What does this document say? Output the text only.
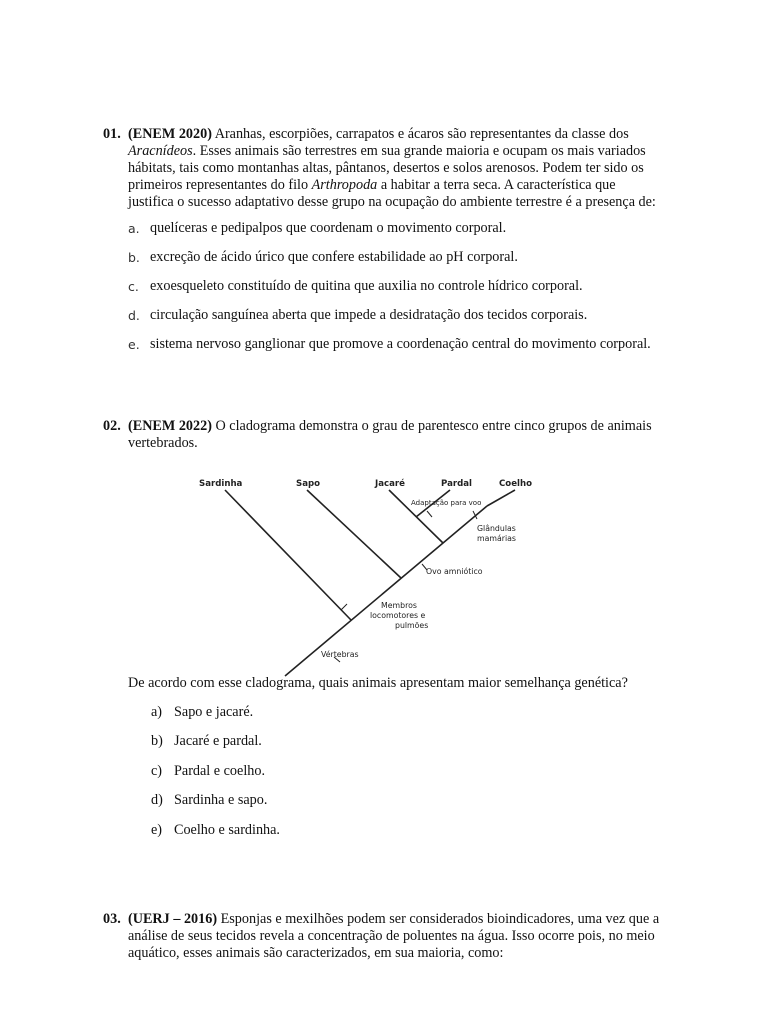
01. (ENEM 2020) Aranhas, escorpiões, carrapatos e ácaros são representantes da classe dos Aracnídeos. Esses animais são terrestres em sua grande maioria e ocupam os mais variados hábitats, tais como montanhas altas, pântanos, desertos e solos arenosos. Podem ter sido os primeiros representantes do filo Arthropoda a habitar a terra seca. A característica que justifica o sucesso adaptativo desse grupo na ocupação do ambiente terrestre é a presença de:
a. quelíceras e pedipalpos que coordenam o movimento corporal.
b. excreção de ácido úrico que confere estabilidade ao pH corporal.
c. exoesqueleto constituído de quitina que auxilia no controle hídrico corporal.
d. circulação sanguínea aberta que impede a desidratação dos tecidos corporais.
e. sistema nervoso ganglionar que promove a coordenação central do movimento corporal.
02. (ENEM 2022) O cladograma demonstra o grau de parentesco entre cinco grupos de animais vertebrados.
Sardinha	Sapo	Jacaré	Pardal	Coelho
Adaptação para voo
Glândulas
mamárias
Ovo amniótico
Membros
locomotores e
pulmões
Vértebras
De acordo com esse cladograma, quais animais apresentam maior semelhança genética?
a) Sapo e jacaré.
b) Jacaré e pardal.
c) Pardal e coelho.
d) Sardinha e sapo.
e) Coelho e sardinha.
03. (UERJ – 2016) Esponjas e mexilhões podem ser considerados bioindicadores, uma vez que a análise de seus tecidos revela a concentração de poluentes na água. Isso ocorre pois, no meio aquático, esses animais são caracterizados, em sua maioria, como:
